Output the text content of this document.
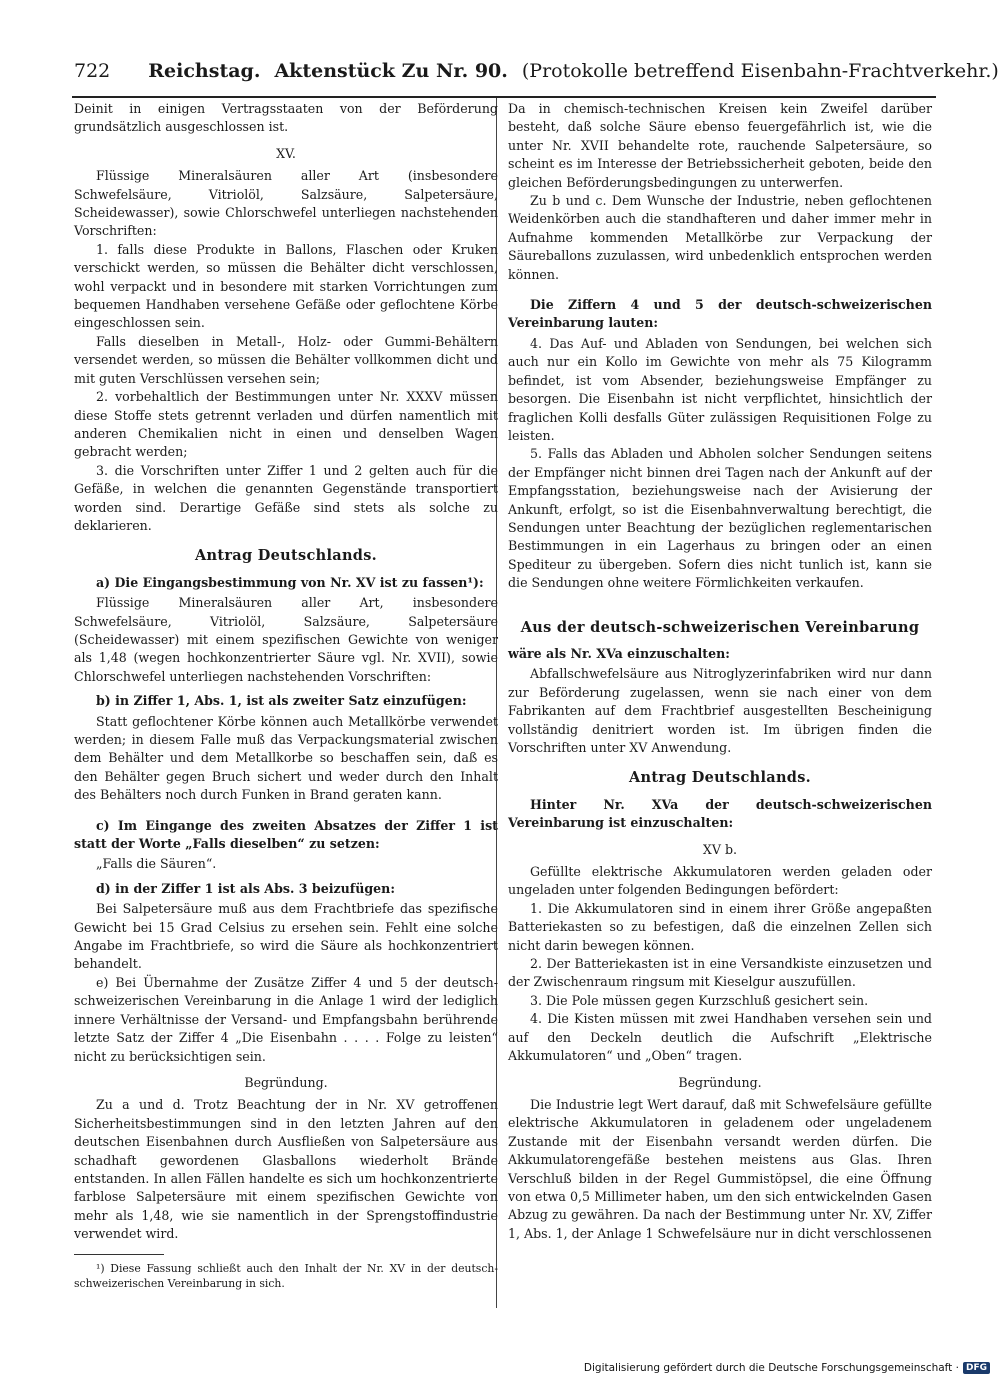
722 Reichstag. Aktenstück Zu Nr. 90. (Protokolle betreffend Eisenbahn-Frachtverkehr.)

Deinit in einigen Vertragsstaaten von der Beförderung grundsätzlich ausgeschlossen ist.

XV.

Flüssige Mineralsäuren aller Art (insbesondere Schwefelsäure, Vitriolöl, Salzsäure, Salpetersäure, Scheidewasser), sowie Chlorschwefel unterliegen nachstehenden Vorschriften:

1. falls diese Produkte in Ballons, Flaschen oder Kruken verschickt werden, so müssen die Behälter dicht verschlossen, wohl verpackt und in besondere mit starken Vorrichtungen zum bequemen Handhaben versehene Gefäße oder geflochtene Körbe eingeschlossen sein.

Falls dieselben in Metall-, Holz- oder Gummi-Behältern versendet werden, so müssen die Behälter vollkommen dicht und mit guten Verschlüssen versehen sein;

2. vorbehaltlich der Bestimmungen unter Nr. XXXV müssen diese Stoffe stets getrennt verladen und dürfen namentlich mit anderen Chemikalien nicht in einen und denselben Wagen gebracht werden;

3. die Vorschriften unter Ziffer 1 und 2 gelten auch für die Gefäße, in welchen die genannten Gegenstände transportiert worden sind. Derartige Gefäße sind stets als solche zu deklarieren.

Antrag Deutschlands.
a) Die Eingangsbestimmung von Nr. XV ist zu fassen¹):

Flüssige Mineralsäuren aller Art, insbesondere Schwefelsäure, Vitriolöl, Salzsäure, Salpetersäure (Scheidewasser) mit einem spezifischen Gewichte von weniger als 1,48 (wegen hochkonzentrierter Säure vgl. Nr. XVII), sowie Chlorschwefel unterliegen nachstehenden Vorschriften:

b) in Ziffer 1, Abs. 1, ist als zweiter Satz einzufügen:

Statt geflochtener Körbe können auch Metallkörbe verwendet werden; in diesem Falle muß das Verpackungsmaterial zwischen dem Behälter und dem Metallkorbe so beschaffen sein, daß es den Behälter gegen Bruch sichert und weder durch den Inhalt des Behälters noch durch Funken in Brand geraten kann.

c) Im Eingange des zweiten Absatzes der Ziffer 1 ist statt der Worte „Falls dieselben“ zu setzen:

„Falls die Säuren“.

d) in der Ziffer 1 ist als Abs. 3 beizufügen:

Bei Salpetersäure muß aus dem Frachtbriefe das spezifische Gewicht bei 15 Grad Celsius zu ersehen sein. Fehlt eine solche Angabe im Frachtbriefe, so wird die Säure als hochkonzentriert behandelt.

e) Bei Übernahme der Zusätze Ziffer 4 und 5 der deutsch-schweizerischen Vereinbarung in die Anlage 1 wird der lediglich innere Verhältnisse der Versand- und Empfangsbahn berührende letzte Satz der Ziffer 4 „Die Eisenbahn . . . . Folge zu leisten“ nicht zu berücksichtigen sein.

Begründung.

Zu a und d. Trotz Beachtung der in Nr. XV getroffenen Sicherheitsbestimmungen sind in den letzten Jahren auf den deutschen Eisenbahnen durch Ausfließen von Salpetersäure aus schadhaft gewordenen Glasballons wiederholt Brände entstanden. In allen Fällen handelte es sich um hochkonzentrierte farblose Salpetersäure mit einem spezifischen Gewichte von mehr als 1,48, wie sie namentlich in der Sprengstoffindustrie verwendet wird.

¹) Diese Fassung schließt auch den Inhalt der Nr. XV in der deutsch-schweizerischen Vereinbarung in sich.

Da in chemisch-technischen Kreisen kein Zweifel darüber besteht, daß solche Säure ebenso feuergefährlich ist, wie die unter Nr. XVII behandelte rote, rauchende Salpetersäure, so scheint es im Interesse der Betriebssicherheit geboten, beide den gleichen Beförderungsbedingungen zu unterwerfen.

Zu b und c. Dem Wunsche der Industrie, neben geflochtenen Weidenkörben auch die standhafteren und daher immer mehr in Aufnahme kommenden Metallkörbe zur Verpackung der Säureballons zuzulassen, wird unbedenklich entsprochen werden können.

Die Ziffern 4 und 5 der deutsch-schweizerischen Vereinbarung lauten:

4. Das Auf- und Abladen von Sendungen, bei welchen sich auch nur ein Kollo im Gewichte von mehr als 75 Kilogramm befindet, ist vom Absender, beziehungsweise Empfänger zu besorgen. Die Eisenbahn ist nicht verpflichtet, hinsichtlich der fraglichen Kolli desfalls Güter zulässigen Requisitionen Folge zu leisten.

5. Falls das Abladen und Abholen solcher Sendungen seitens der Empfänger nicht binnen drei Tagen nach der Ankunft auf der Empfangsstation, beziehungsweise nach der Avisierung der Ankunft, erfolgt, so ist die Eisenbahnverwaltung berechtigt, die Sendungen unter Beachtung der bezüglichen reglementarischen Bestimmungen in ein Lagerhaus zu bringen oder an einen Spediteur zu übergeben. Sofern dies nicht tunlich ist, kann sie die Sendungen ohne weitere Förmlichkeiten verkaufen.

Aus der deutsch-schweizerischen Vereinbarung
wäre als Nr. XVa einzuschalten:

Abfallschwefelsäure aus Nitroglyzerinfabriken wird nur dann zur Beförderung zugelassen, wenn sie nach einer von dem Fabrikanten auf dem Frachtbrief ausgestellten Bescheinigung vollständig denitriert worden ist. Im übrigen finden die Vorschriften unter XV Anwendung.

Antrag Deutschlands.
Hinter Nr. XVa der deutsch-schweizerischen Vereinbarung ist einzuschalten:
XV b.

Gefüllte elektrische Akkumulatoren werden geladen oder ungeladen unter folgenden Bedingungen befördert:

1. Die Akkumulatoren sind in einem ihrer Größe angepaßten Batteriekasten so zu befestigen, daß die einzelnen Zellen sich nicht darin bewegen können.

2. Der Batteriekasten ist in eine Versandkiste einzusetzen und der Zwischenraum ringsum mit Kieselgur auszufüllen.

3. Die Pole müssen gegen Kurzschluß gesichert sein.

4. Die Kisten müssen mit zwei Handhaben versehen sein und auf den Deckeln deutlich die Aufschrift „Elektrische Akkumulatoren“ und „Oben“ tragen.

Begründung.

Die Industrie legt Wert darauf, daß mit Schwefelsäure gefüllte elektrische Akkumulatoren in geladenem oder ungeladenem Zustande mit der Eisenbahn versandt werden dürfen. Die Akkumulatorengefäße bestehen meistens aus Glas. Ihren Verschluß bilden in der Regel Gummistöpsel, die eine Öffnung von etwa 0,5 Millimeter haben, um den sich entwickelnden Gasen Abzug zu gewähren. Da nach der Bestimmung unter Nr. XV, Ziffer 1, Abs. 1, der Anlage 1 Schwefelsäure nur in dicht verschlossenen

Digitalisierung gefördert durch die Deutsche Forschungsgemeinschaft · DFG
